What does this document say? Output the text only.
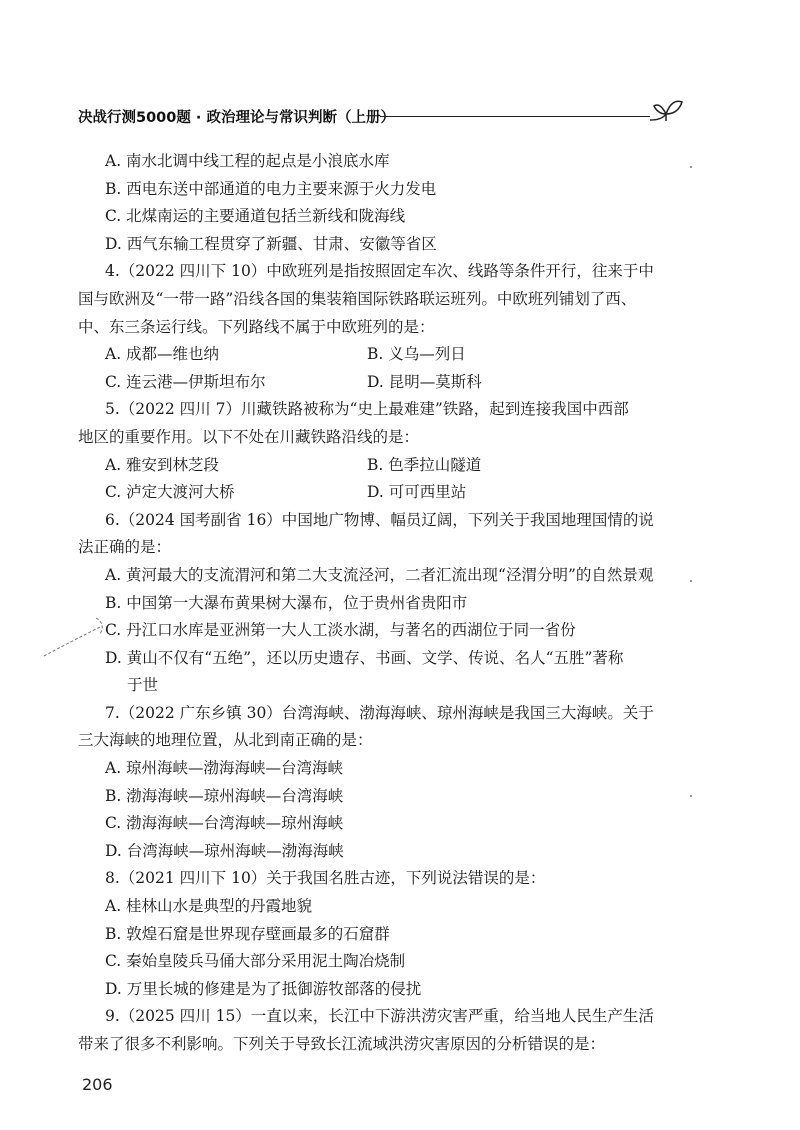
决战行测5000题 · 政治理论与常识判断（上册）
A. 南水北调中线工程的起点是小浪底水库
B. 西电东送中部通道的电力主要来源于火力发电
C. 北煤南运的主要通道包括兰新线和陇海线
D. 西气东输工程贯穿了新疆、甘肃、安徽等省区
4.（2022 四川下 10）中欧班列是指按照固定车次、线路等条件开行，往来于中
国与欧洲及“一带一路”沿线各国的集装箱国际铁路联运班列。中欧班列铺划了西、
中、东三条运行线。下列路线不属于中欧班列的是：
A. 成都—维也纳	B. 义乌—列日
C. 连云港—伊斯坦布尔	D. 昆明—莫斯科
5.（2022 四川 7）川藏铁路被称为“史上最难建”铁路，起到连接我国中西部
地区的重要作用。以下不处在川藏铁路沿线的是：
A. 雅安到林芝段	B. 色季拉山隧道
C. 泸定大渡河大桥	D. 可可西里站
6.（2024 国考副省 16）中国地广物博、幅员辽阔，下列关于我国地理国情的说
法正确的是：
A. 黄河最大的支流渭河和第二大支流泾河，二者汇流出现“泾渭分明”的自然景观
B. 中国第一大瀑布黄果树大瀑布，位于贵州省贵阳市
C. 丹江口水库是亚洲第一大人工淡水湖，与著名的西湖位于同一省份
D. 黄山不仅有“五绝”，还以历史遗存、书画、文学、传说、名人“五胜”著称
于世
7.（2022 广东乡镇 30）台湾海峡、渤海海峡、琼州海峡是我国三大海峡。关于
三大海峡的地理位置，从北到南正确的是：
A. 琼州海峡—渤海海峡—台湾海峡
B. 渤海海峡—琼州海峡—台湾海峡
C. 渤海海峡—台湾海峡—琼州海峡
D. 台湾海峡—琼州海峡—渤海海峡
8.（2021 四川下 10）关于我国名胜古迹，下列说法错误的是：
A. 桂林山水是典型的丹霞地貌
B. 敦煌石窟是世界现存壁画最多的石窟群
C. 秦始皇陵兵马俑大部分采用泥土陶冶烧制
D. 万里长城的修建是为了抵御游牧部落的侵扰
9.（2025 四川 15）一直以来，长江中下游洪涝灾害严重，给当地人民生产生活
带来了很多不利影响。下列关于导致长江流域洪涝灾害原因的分析错误的是：
206
